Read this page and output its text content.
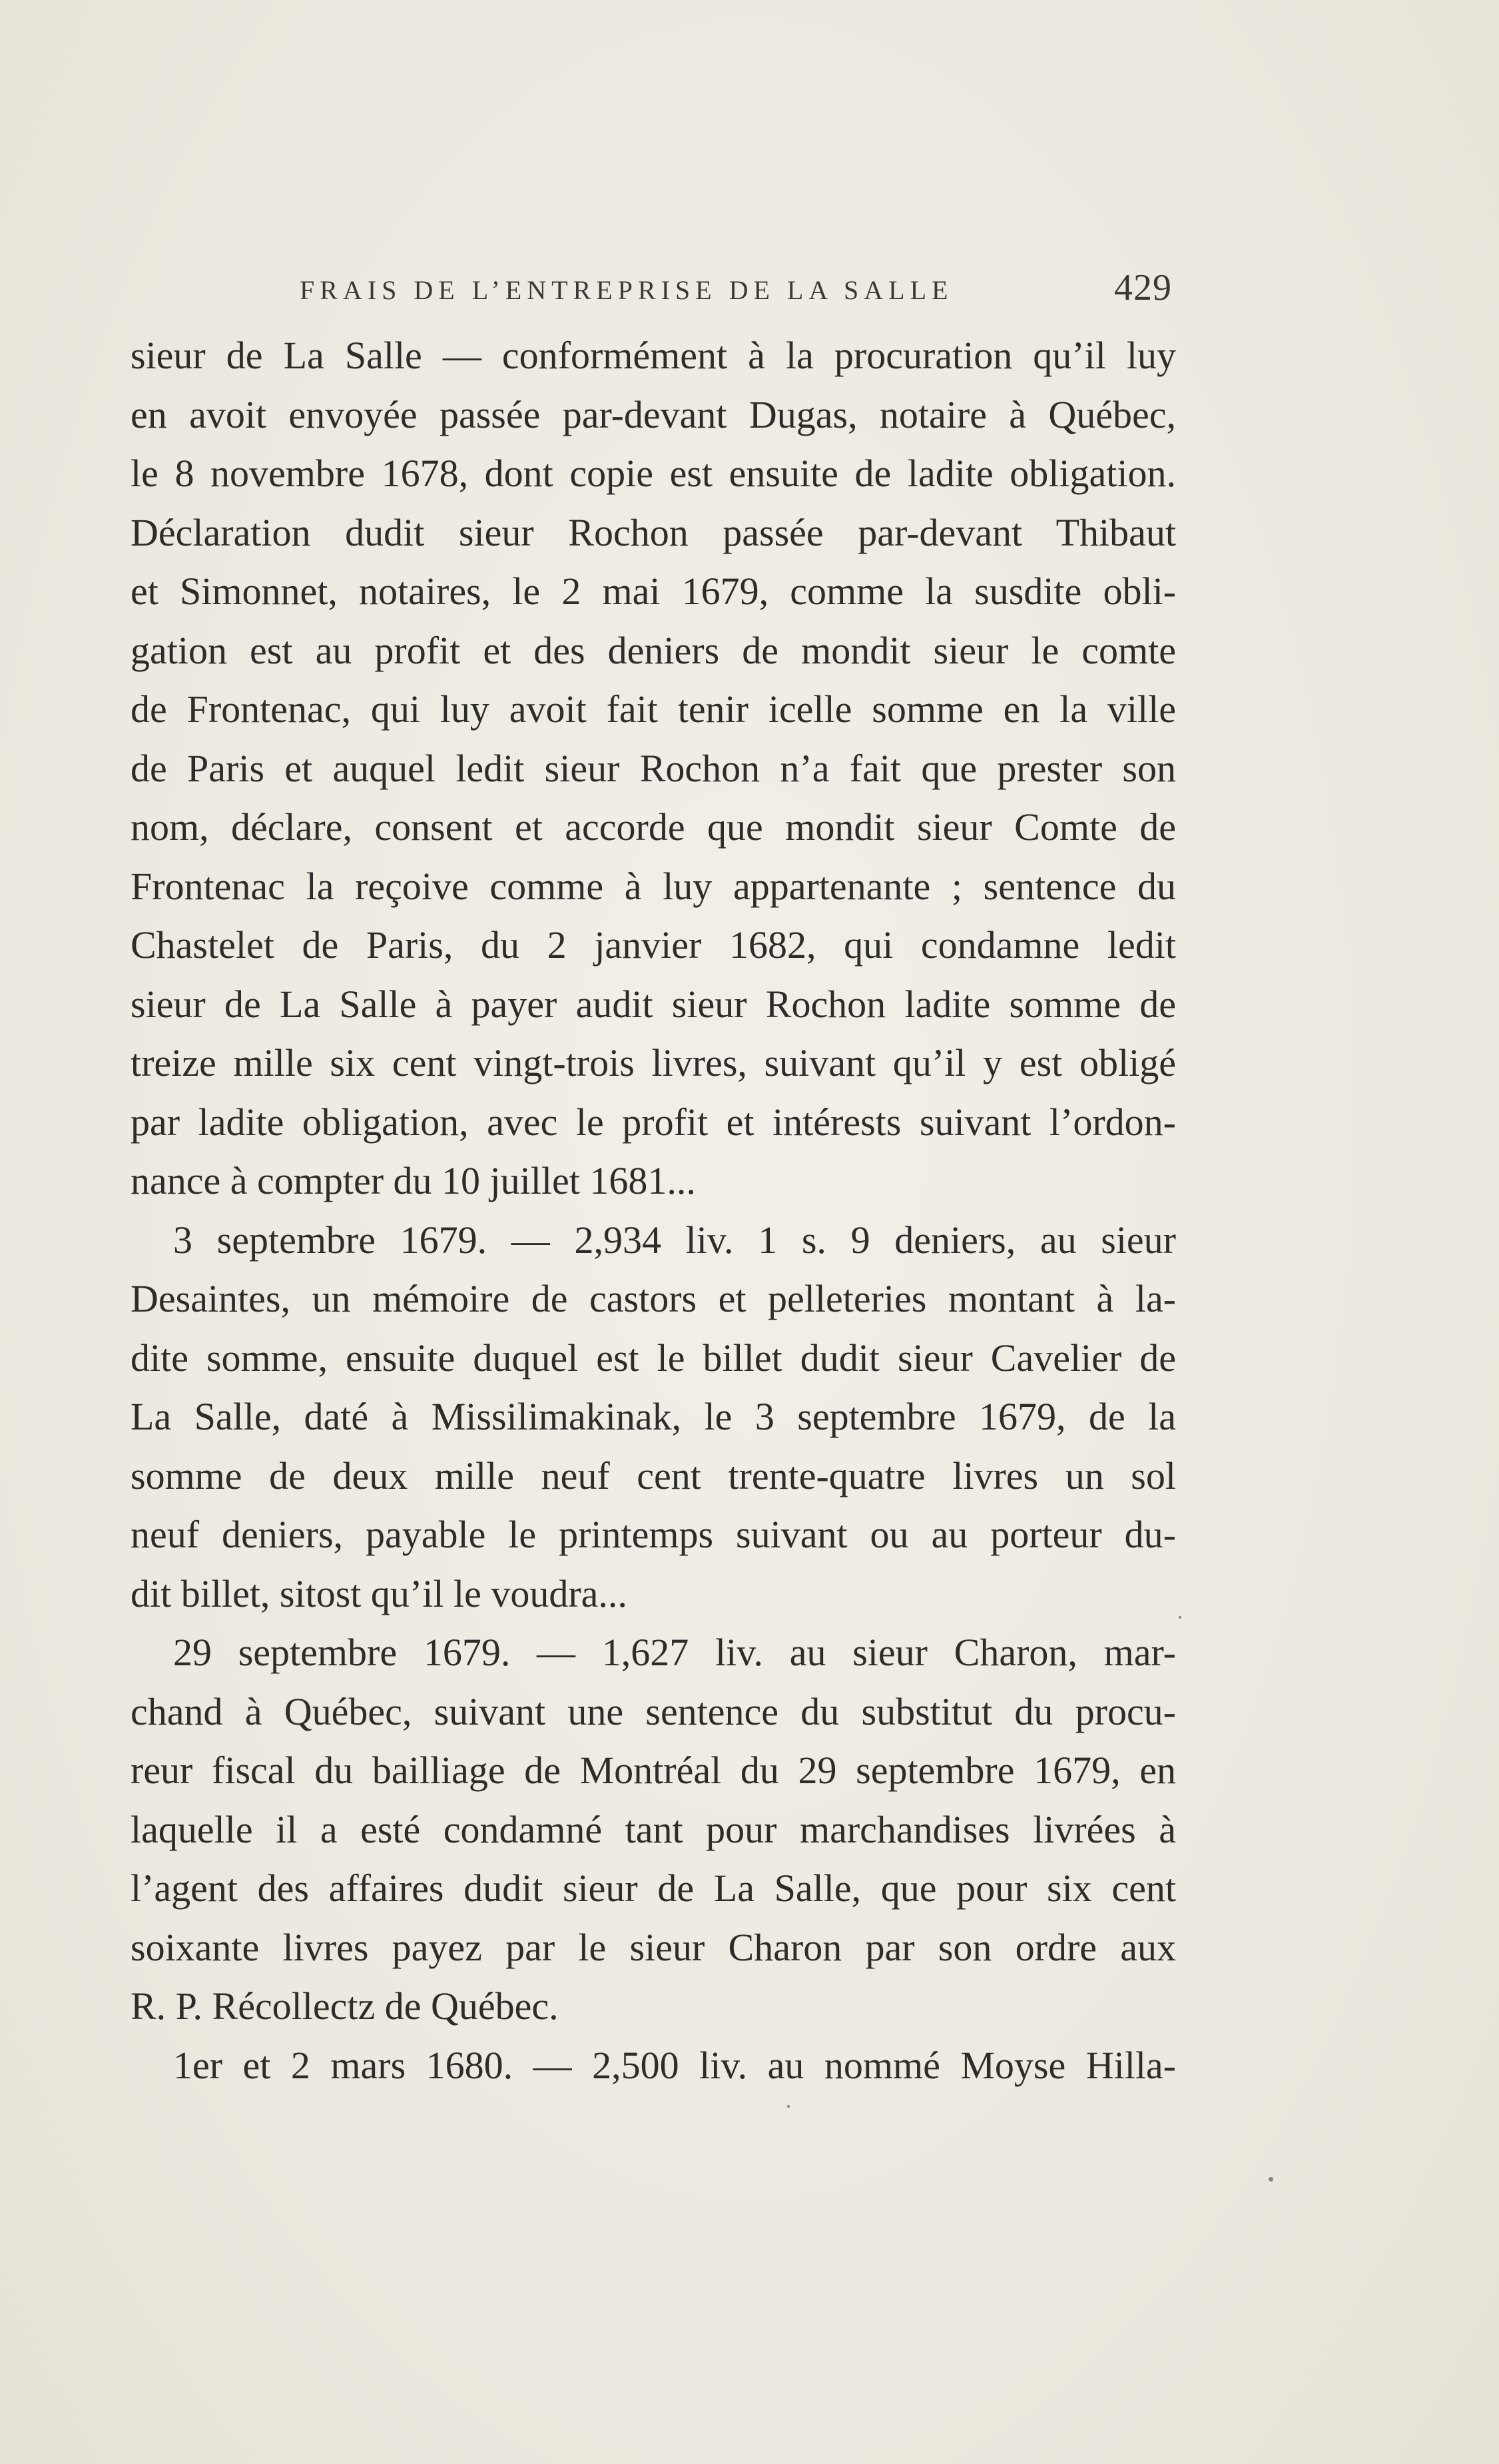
FRAIS DE L’ENTREPRISE DE LA SALLE	429
sieur de La Salle — conformément à la procuration qu’il luy
en avoit envoyée passée par-devant Dugas, notaire à Québec,
le 8 novembre 1678, dont copie est ensuite de ladite obligation.
Déclaration dudit sieur Rochon passée par-devant Thibaut
et Simonnet, notaires, le 2 mai 1679, comme la susdite obli-
gation est au profit et des deniers de mondit sieur le comte
de Frontenac, qui luy avoit fait tenir icelle somme en la ville
de Paris et auquel ledit sieur Rochon n’a fait que prester son
nom, déclare, consent et accorde que mondit sieur Comte de
Frontenac la reçoive comme à luy appartenante ; sentence du
Chastelet de Paris, du 2 janvier 1682, qui condamne ledit
sieur de La Salle à payer audit sieur Rochon ladite somme de
treize mille six cent vingt-trois livres, suivant qu’il y est obligé
par ladite obligation, avec le profit et intérests suivant l’ordon-
nance à compter du 10 juillet 1681...
3 septembre 1679. — 2,934 liv. 1 s. 9 deniers, au sieur
Desaintes, un mémoire de castors et pelleteries montant à la-
dite somme, ensuite duquel est le billet dudit sieur Cavelier de
La Salle, daté à Missilimakinak, le 3 septembre 1679, de la
somme de deux mille neuf cent trente-quatre livres un sol
neuf deniers, payable le printemps suivant ou au porteur du-
dit billet, sitost qu’il le voudra...
29 septembre 1679. — 1,627 liv. au sieur Charon, mar-
chand à Québec, suivant une sentence du substitut du procu-
reur fiscal du bailliage de Montréal du 29 septembre 1679, en
laquelle il a esté condamné tant pour marchandises livrées à
l’agent des affaires dudit sieur de La Salle, que pour six cent
soixante livres payez par le sieur Charon par son ordre aux
R. P. Récollectz de Québec.
1er et 2 mars 1680. — 2,500 liv. au nommé Moyse Hilla-
